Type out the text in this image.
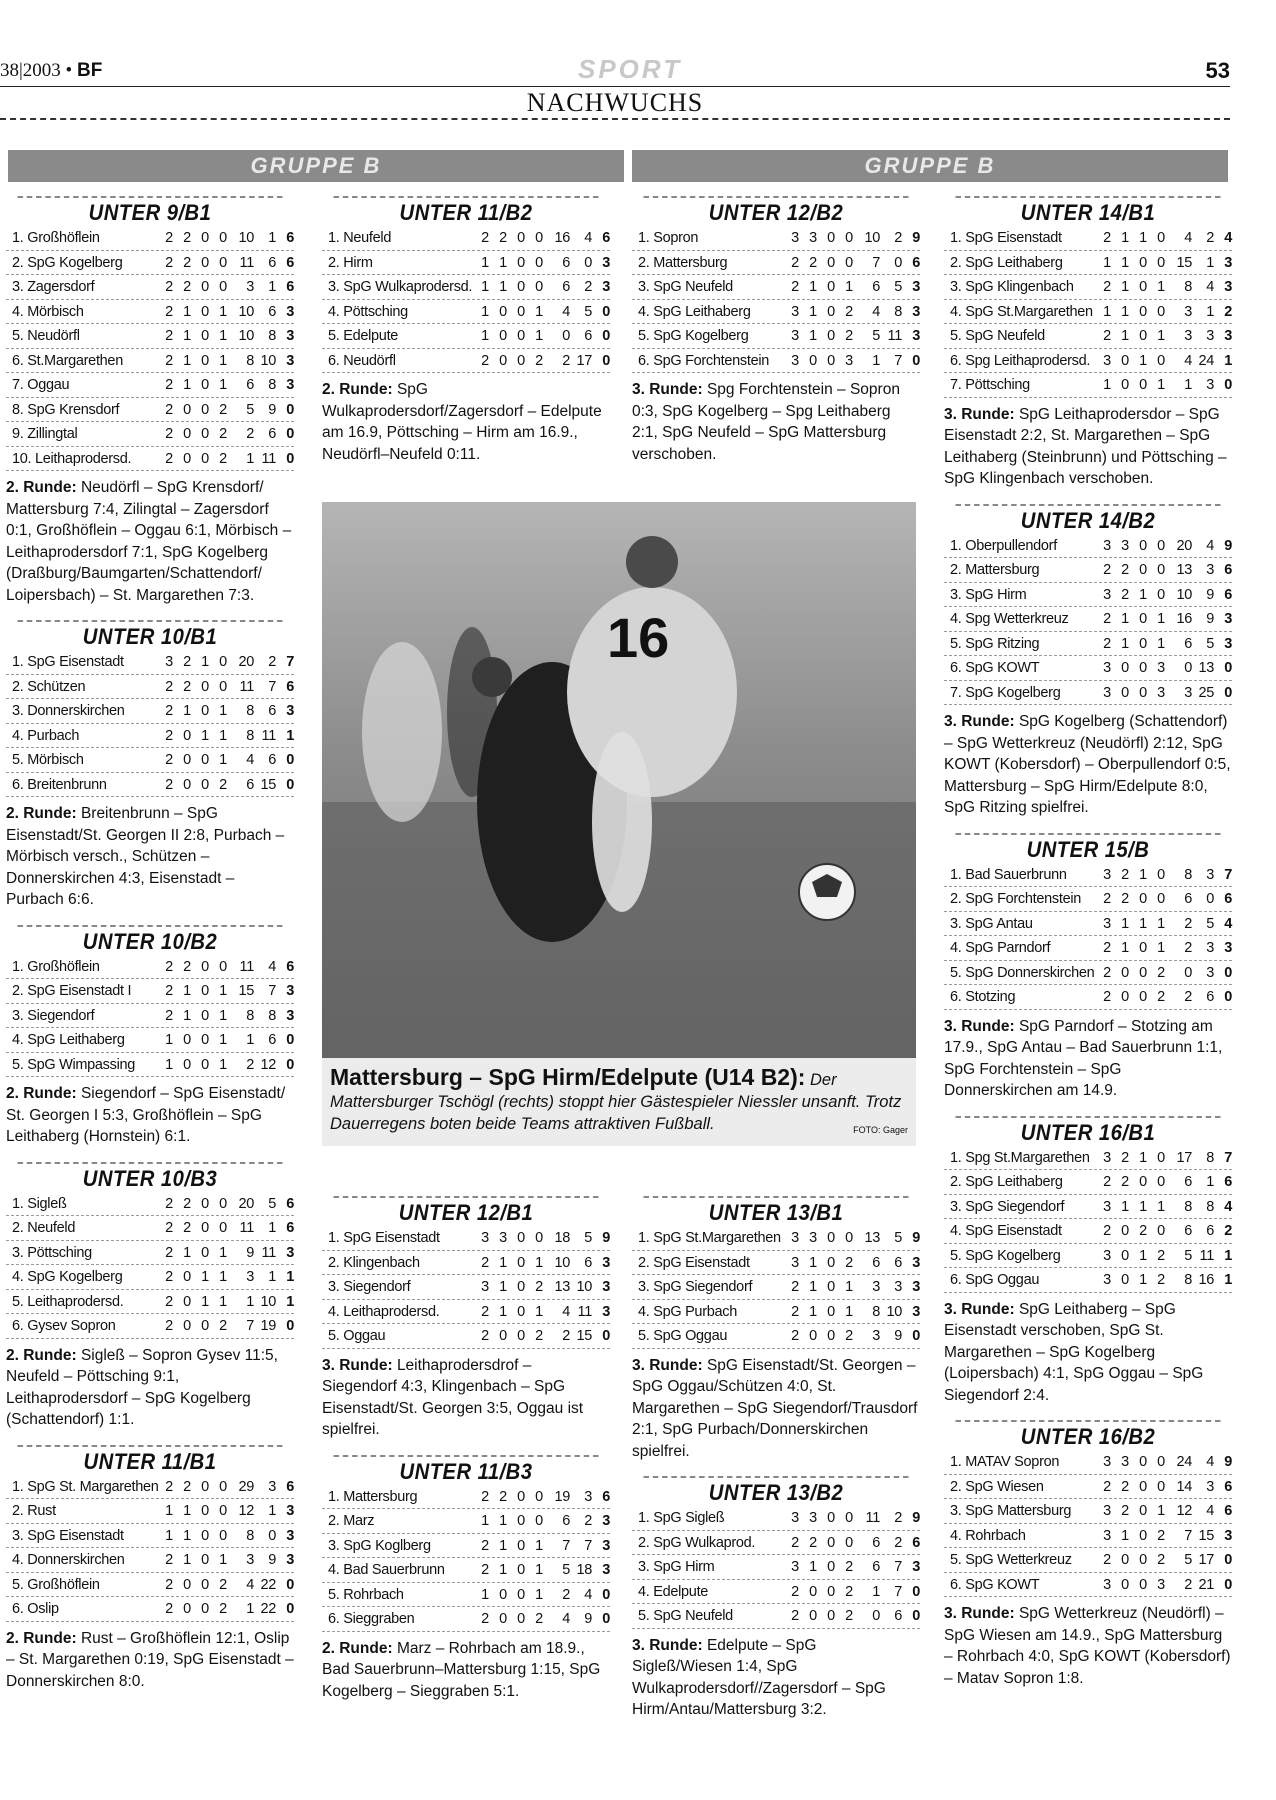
38|2003 • BF	SPORT	53
NACHWUCHS
GRUPPE B	GRUPPE B
UNTER 9/B1
1. Großhöflein	2 2 0 0 10 1 6
2. SpG Kogelberg	2 2 0 0 11 6 6
3. Zagersdorf	2 2 0 0	3 1 6
4. Mörbisch	2 1 0 1 10 6 3
5. Neudörfl	2 1 0 1 10 8 3
6. St.Margarethen	2 1 0 1	8 10 3
7. Oggau	2 1 0 1	6 8 3
8. SpG Krensdorf	2 0 0 2	5 9 0
9. Zillingtal	2 0 0 2	2 6 0
10. Leithaprodersd.	2 0 0 2	1 11 0
2. Runde: Neudörfl – SpG Krensdorf/ Mattersburg 7:4, Zilingtal – Zagersdorf 0:1, Großhöflein – Oggau 6:1, Mörbisch – Leithaprodersdorf 7:1, SpG Kogelberg (Draßburg/Baumgarten/Schattendorf/ Loipersbach) – St. Margarethen 7:3.
UNTER 10/B1
1. SpG Eisenstadt	3 2 1 0 20 2 7
2. Schützen	2 2 0 0 11 7 6
3. Donnerskirchen	2 1 0 1	8 6 3
4. Purbach	2 0 1 1	8 11 1
5. Mörbisch	2 0 0 1	4 6 0
6. Breitenbrunn	2 0 0 2	6 15 0
2. Runde: Breitenbrunn – SpG Eisenstadt/St. Georgen II 2:8, Purbach – Mörbisch versch., Schützen – Donnerskirchen 4:3, Eisenstadt – Purbach 6:6.
UNTER 10/B2
1. Großhöflein	2 2 0 0 11 4 6
2. SpG Eisenstadt I	2 1 0 1 15 7 3
3. Siegendorf	2 1 0 1	8 8 3
4. SpG Leithaberg	1 0 0 1	1 6 0
5. SpG Wimpassing	1 0 0 1	2 12 0
2. Runde: Siegendorf – SpG Eisenstadt/ St. Georgen I 5:3, Großhöflein – SpG Leithaberg (Hornstein) 6:1.
UNTER 10/B3
1. Sigleß	2 2 0 0 20 5 6
2. Neufeld	2 2 0 0 11 1 6
3. Pöttsching	2 1 0 1	9 11 3
4. SpG Kogelberg	2 0 1 1	3 1 1
5. Leithaprodersd.	2 0 1 1	1 10 1
6. Gysev Sopron	2 0 0 2	7 19 0
2. Runde: Sigleß – Sopron Gysev 11:5, Neufeld – Pöttsching 9:1, Leithaprodersdorf – SpG Kogelberg (Schattendorf) 1:1.
UNTER 11/B1
1. SpG St. Margarethen 2 2 0 0 29 3 6
2. Rust	1 1 0 0 12 1 3
3. SpG Eisenstadt	1 1 0 0	8 0 3
4. Donnerskirchen	2 1 0 1	3 9 3
5. Großhöflein	2 0 0 2	4 22 0
6. Oslip	2 0 0 2	1 22 0
2. Runde: Rust – Großhöflein 12:1, Oslip – St. Margarethen 0:19, SpG Eisenstadt – Donnerskirchen 8:0.
UNTER 11/B2
1. Neufeld	2 2 0 0 16 4 6
2. Hirm	1 1 0 0	6 0 3
3. SpG Wulkaprodersd. 1 1 0 0	6 2 3
4. Pöttsching	1 0 0 1	4 5 0
5. Edelpute	1 0 0 1	0 6 0
6. Neudörfl	2 0 0 2	2 17 0
2. Runde: SpG Wulkaprodersdorf/Zagersdorf – Edelpute am 16.9, Pöttsching – Hirm am 16.9., Neudörfl–Neufeld 0:11.
UNTER 12/B2
1. Sopron	3 3 0 0 10 2 9
2. Mattersburg	2 2 0 0	7 0 6
3. SpG Neufeld	2 1 0 1	6 5 3
4. SpG Leithaberg	3 1 0 2	4 8 3
5. SpG Kogelberg	3 1 0 2	5 11 3
6. SpG Forchtenstein	3 0 0 3	1 7 0
3. Runde: Spg Forchtenstein – Sopron 0:3, SpG Kogelberg – Spg Leithaberg 2:1, SpG Neufeld – SpG Mattersburg verschoben.
UNTER 14/B1
1. SpG Eisenstadt	2 1 1 0	4 2 4
2. SpG Leithaberg	1 1 0 0 15 1 3
3. SpG Klingenbach	2 1 0 1	8 4 3
4. SpG St.Margarethen 1 1 0 0	3 1 2
5. SpG Neufeld	2 1 0 1	3 3 3
6. Spg Leithaprodersd. 3 0 1 0	4 24 1
7. Pöttsching	1 0 0 1	1 3 0
3. Runde: SpG Leithaprodersdor – SpG Eisenstadt 2:2, St. Margarethen – SpG Leithaberg (Steinbrunn) und Pöttsching – SpG Klingenbach verschoben.
UNTER 14/B2
1. Oberpullendorf	3 3 0 0 20 4 9
2. Mattersburg	2 2 0 0 13 3 6
3. SpG Hirm	3 2 1 0 10 9 6
4. Spg Wetterkreuz	2 1 0 1 16 9 3
5. SpG Ritzing	2 1 0 1	6 5 3
6. SpG KOWT	3 0 0 3	0 13 0
7. SpG Kogelberg	3 0 0 3	3 25 0
3. Runde: SpG Kogelberg (Schattendorf) – SpG Wetterkreuz (Neudörfl) 2:12, SpG KOWT (Kobersdorf) – Oberpullendorf 0:5, Mattersburg – SpG Hirm/Edelpute 8:0, SpG Ritzing spielfrei.
UNTER 15/B
1. Bad Sauerbrunn	3 2 1 0	8 3 7
2. SpG Forchtenstein	2 2 0 0	6 0 6
3. SpG Antau	3 1 1 1	2 5 4
4. SpG Parndorf	2 1 0 1	2 3 3
5. SpG Donnerskirchen 2 0 0 2	0 3 0
6. Stotzing	2 0 0 2	2 6 0
3. Runde: SpG Parndorf – Stotzing am 17.9., SpG Antau – Bad Sauerbrunn 1:1, SpG Forchtenstein – SpG Donnerskirchen am 14.9.
UNTER 16/B1
1. Spg St.Margarethen 3 2 1 0 17 8 7
2. SpG Leithaberg	2 2 0 0	6 1 6
3. SpG Siegendorf	3 1 1 1	8 8 4
4. SpG Eisenstadt	2 0 2 0	6 6 2
5. SpG Kogelberg	3 0 1 2	5 11 1
6. SpG Oggau	3 0 1 2	8 16 1
3. Runde: SpG Leithaberg – SpG Eisenstadt verschoben, SpG St. Margarethen – SpG Kogelberg (Loipersbach) 4:1, SpG Oggau – SpG Siegendorf 2:4.
UNTER 16/B2
1. MATAV Sopron	3 3 0 0 24 4 9
2. SpG Wiesen	2 2 0 0 14 3 6
3. SpG Mattersburg	3 2 0 1 12 4 6
4. Rohrbach	3 1 0 2	7 15 3
5. SpG Wetterkreuz	2 0 0 2	5 17 0
6. SpG KOWT	3 0 0 3	2 21 0
3. Runde: SpG Wetterkreuz (Neudörfl) – SpG Wiesen am 14.9., SpG Mattersburg – Rohrbach 4:0, SpG KOWT (Kobersdorf) – Matav Sopron 1:8.
UNTER 12/B1
1. SpG Eisenstadt	3 3 0 0 18 5 9
2. Klingenbach	2 1 0 1 10 6 3
3. Siegendorf	3 1 0 2 13 10 3
4. Leithaprodersd.	2 1 0 1	4 11 3
5. Oggau	2 0 0 2	2 15 0
3. Runde: Leithaprodersdrof – Siegendorf 4:3, Klingenbach – SpG Eisenstadt/St. Georgen 3:5, Oggau ist spielfrei.
UNTER 11/B3
1. Mattersburg	2 2 0 0 19 3 6
2. Marz	1 1 0 0	6 2 3
3. SpG Koglberg	2 1 0 1	7 7 3
4. Bad Sauerbrunn	2 1 0 1	5 18 3
5. Rohrbach	1 0 0 1	2 4 0
6. Sieggraben	2 0 0 2	4 9 0
2. Runde: Marz – Rohrbach am 18.9., Bad Sauerbrunn–Mattersburg 1:15, SpG Kogelberg – Sieggraben 5:1.
UNTER 13/B1
1. SpG St.Margarethen 3 3 0 0 13 5 9
2. SpG Eisenstadt	3 1 0 2	6 6 3
3. SpG Siegendorf	2 1 0 1	3 3 3
4. SpG Purbach	2 1 0 1	8 10 3
5. SpG Oggau	2 0 0 2	3 9 0
3. Runde: SpG Eisenstadt/St. Georgen – SpG Oggau/Schützen 4:0, St. Margarethen – SpG Siegendorf/Trausdorf 2:1, SpG Purbach/Donnerskirchen spielfrei.
UNTER 13/B2
1. SpG Sigleß	3 3 0 0 11 2 9
2. SpG Wulkaprod.	2 2 0 0	6 2 6
3. SpG Hirm	3 1 0 2	6 7 3
4. Edelpute	2 0 0 2	1 7 0
5. SpG Neufeld	2 0 0 2	0 6 0
3. Runde: Edelpute – SpG Sigleß/Wiesen 1:4, SpG Wulkaprodersdorf//Zagersdorf – SpG Hirm/Antau/Mattersburg 3:2.
16
Mattersburg – SpG Hirm/Edelpute (U14 B2): Der Mattersburger Tschögl (rechts) stoppt hier Gästespieler Niessler unsanft. Trotz Dauerregens boten beide Teams attraktiven Fußball.	FOTO: Gager
